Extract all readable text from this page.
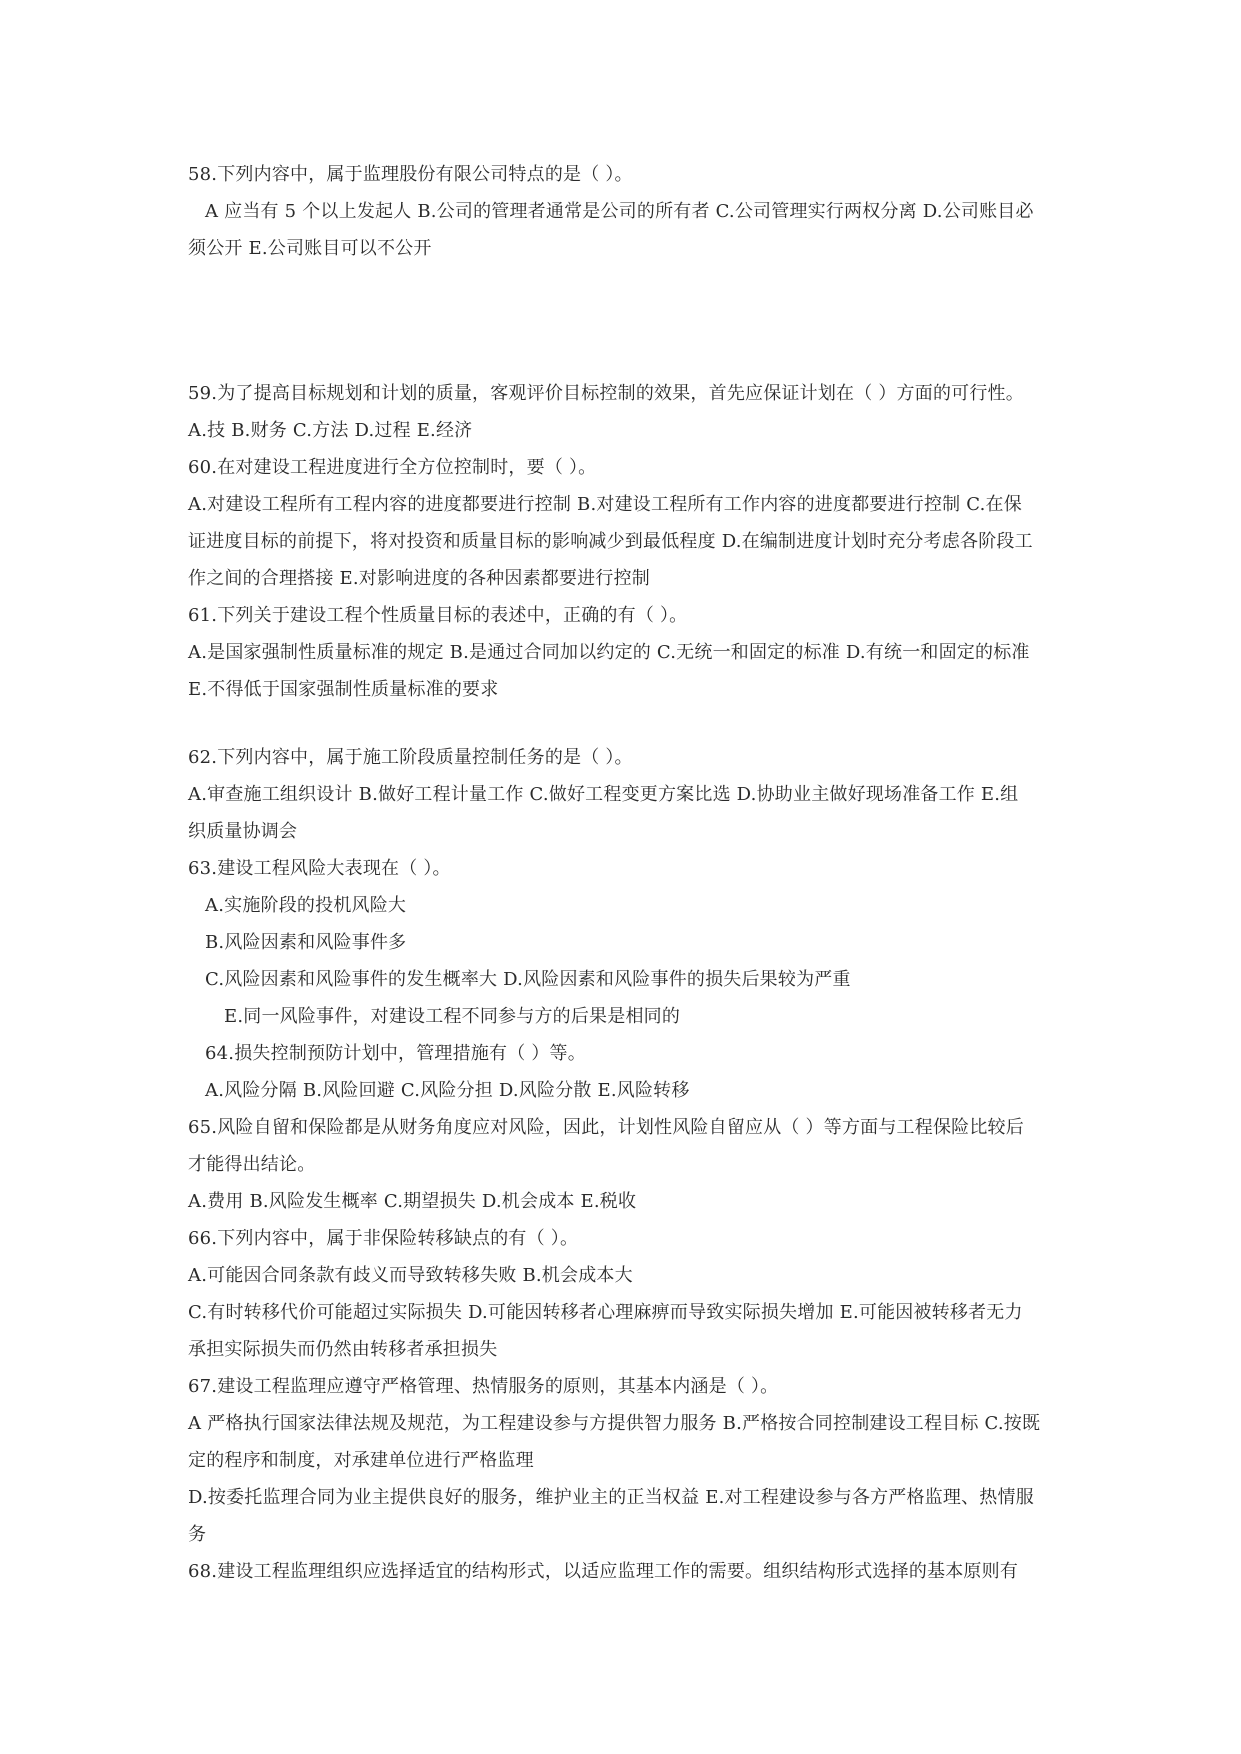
58.下列内容中，属于监理股份有限公司特点的是（ ）。
A 应当有 5 个以上发起人 B.公司的管理者通常是公司的所有者 C.公司管理实行两权分离 D.公司账目必
须公开 E.公司账目可以不公开
59.为了提高目标规划和计划的质量，客观评价目标控制的效果，首先应保证计划在（ ）方面的可行性。
A.技 B.财务 C.方法 D.过程 E.经济
60.在对建设工程进度进行全方位控制时，要（ ）。
A.对建设工程所有工程内容的进度都要进行控制 B.对建设工程所有工作内容的进度都要进行控制 C.在保
证进度目标的前提下，将对投资和质量目标的影响减少到最低程度 D.在编制进度计划时充分考虑各阶段工
作之间的合理搭接 E.对影响进度的各种因素都要进行控制
61.下列关于建设工程个性质量目标的表述中，正确的有（ ）。
A.是国家强制性质量标准的规定 B.是通过合同加以约定的 C.无统一和固定的标准 D.有统一和固定的标准
E.不得低于国家强制性质量标准的要求
62.下列内容中，属于施工阶段质量控制任务的是（ ）。
A.审查施工组织设计 B.做好工程计量工作 C.做好工程变更方案比选 D.协助业主做好现场准备工作 E.组
织质量协调会
63.建设工程风险大表现在（ ）。
A.实施阶段的投机风险大
B.风险因素和风险事件多
C.风险因素和风险事件的发生概率大 D.风险因素和风险事件的损失后果较为严重
E.同一风险事件，对建设工程不同参与方的后果是相同的
64.损失控制预防计划中，管理措施有（ ）等。
A.风险分隔 B.风险回避 C.风险分担 D.风险分散 E.风险转移
65.风险自留和保险都是从财务角度应对风险，因此，计划性风险自留应从（ ）等方面与工程保险比较后
才能得出结论。
A.费用 B.风险发生概率 C.期望损失 D.机会成本 E.税收
66.下列内容中，属于非保险转移缺点的有（ ）。
A.可能因合同条款有歧义而导致转移失败 B.机会成本大
C.有时转移代价可能超过实际损失 D.可能因转移者心理麻痹而导致实际损失增加 E.可能因被转移者无力
承担实际损失而仍然由转移者承担损失
67.建设工程监理应遵守严格管理、热情服务的原则，其基本内涵是（ ）。
A 严格执行国家法律法规及规范，为工程建设参与方提供智力服务 B.严格按合同控制建设工程目标 C.按既
定的程序和制度，对承建单位进行严格监理
D.按委托监理合同为业主提供良好的服务，维护业主的正当权益 E.对工程建设参与各方严格监理、热情服
务
68.建设工程监理组织应选择适宜的结构形式，以适应监理工作的需要。组织结构形式选择的基本原则有
